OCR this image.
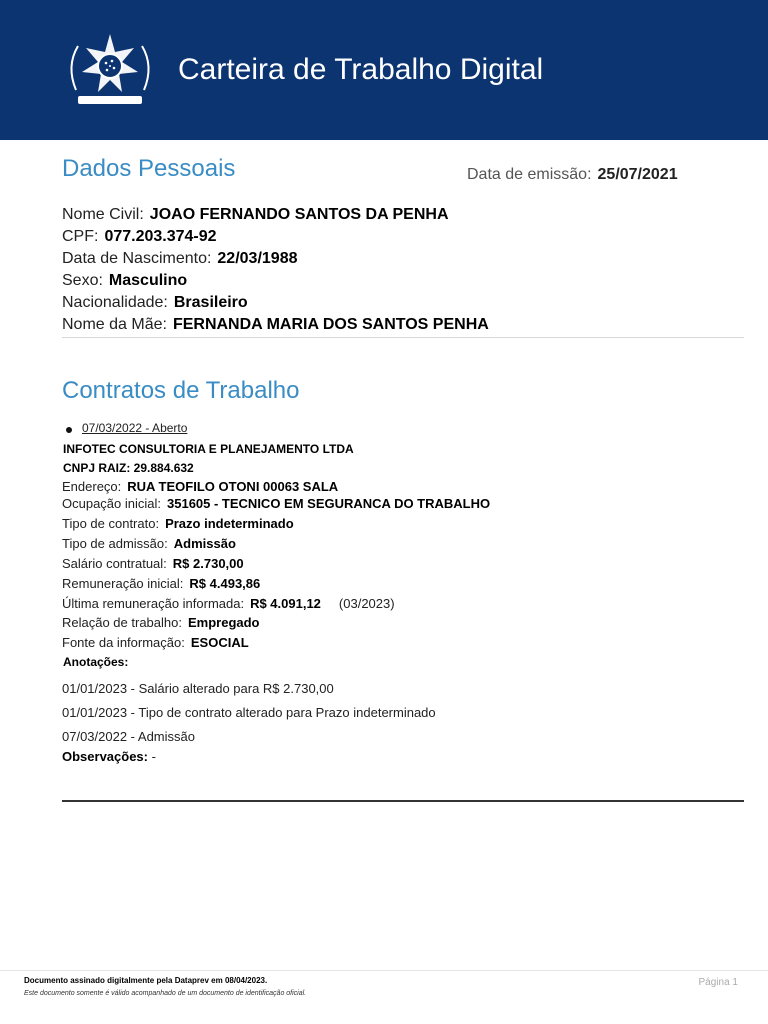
Carteira de Trabalho Digital
Dados Pessoais	Data de emissão: 25/07/2021
Nome Civil: JOAO FERNANDO SANTOS DA PENHA
CPF: 077.203.374-92
Data de Nascimento: 22/03/1988
Sexo: Masculino
Nacionalidade: Brasileiro
Nome da Mãe: FERNANDA MARIA DOS SANTOS PENHA
Contratos de Trabalho
07/03/2022 - Aberto
INFOTEC CONSULTORIA E PLANEJAMENTO LTDA
CNPJ RAIZ: 29.884.632
Endereço: RUA TEOFILO OTONI 00063 SALA
Ocupação inicial: 351605 - TECNICO EM SEGURANCA DO TRABALHO
Tipo de contrato: Prazo indeterminado
Tipo de admissão: Admissão
Salário contratual: R$ 2.730,00
Remuneração inicial: R$ 4.493,86
Última remuneração informada: R$ 4.091,12 (03/2023)
Relação de trabalho: Empregado
Fonte da informação: ESOCIAL
Anotações:
01/01/2023 - Salário alterado para R$ 2.730,00
01/01/2023 - Tipo de contrato alterado para Prazo indeterminado
07/03/2022 - Admissão
Observações: -
Documento assinado digitalmente pela Dataprev em 08/04/2023.
Este documento somente é válido acompanhado de um documento de identificação oficial.
Página 1
